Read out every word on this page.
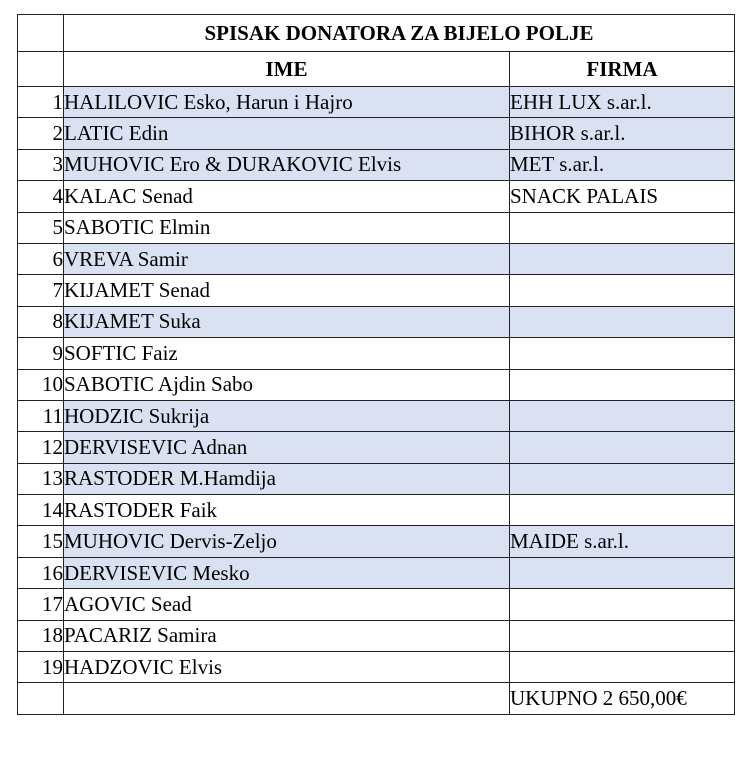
	SPISAK DONATORA ZA BIJELO POLJE	
	IME	FIRMA
1	HALILOVIC Esko, Harun i Hajro	EHH LUX s.ar.l.
2	LATIC Edin	BIHOR s.ar.l.
3	MUHOVIC Ero & DURAKOVIC Elvis	MET s.ar.l.
4	KALAC Senad	SNACK PALAIS
5	SABOTIC Elmin	
6	VREVA Samir	
7	KIJAMET Senad	
8	KIJAMET Suka	
9	SOFTIC Faiz	
10	SABOTIC Ajdin Sabo	
11	HODZIC Sukrija	
12	DERVISEVIC Adnan	
13	RASTODER M.Hamdija	
14	RASTODER Faik	
15	MUHOVIC Dervis-Zeljo	MAIDE s.ar.l.
16	DERVISEVIC Mesko	
17	AGOVIC Sead	
18	PACARIZ Samira	
19	HADZOVIC Elvis	
		UKUPNO 2 650,00€
